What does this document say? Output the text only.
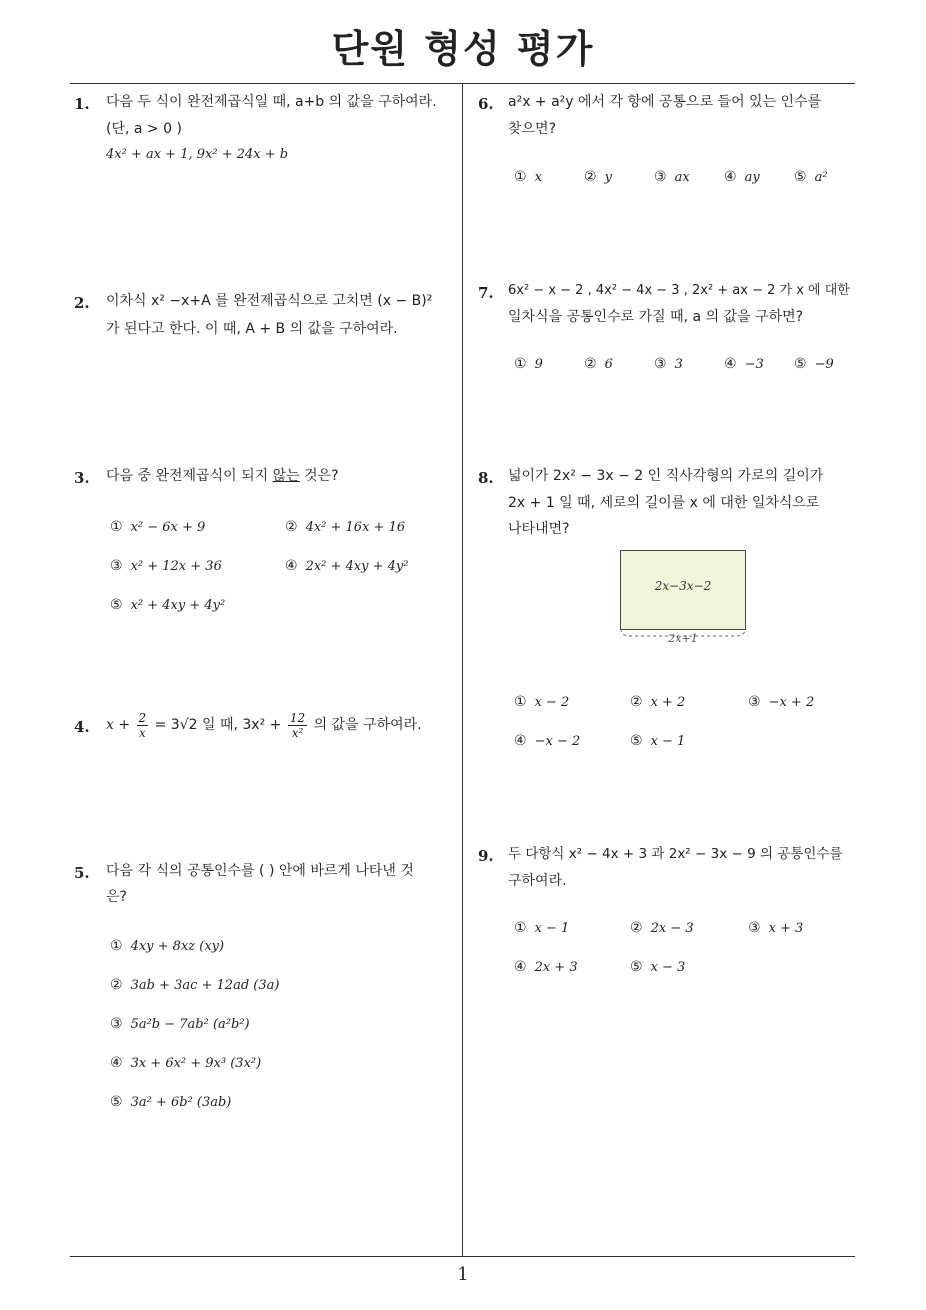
단원 형성 평가
1
1. 다음 두 식이 완전제곱식일 때, a+b 의 값을 구하여라.
(단, a > 0 )
4x² + ax + 1, 9x² + 24x + b
2. 이차식 x² −x+A 를 완전제곱식으로 고치면 (x − B)²
가 된다고 한다. 이 때, A + B 의 값을 구하여라.
3. 다음 중 완전제곱식이 되지 않는 것은?
① x² − 6x + 9	② 4x² + 16x + 16
③ x² + 12x + 36	④ 2x² + 4xy + 4y²
⑤ x² + 4xy + 4y²
4. $x + \frac{2}{x} = 3√2$ 일 때, $3x^2 + \frac{12}{\text{x²}}$ 의 값을 구하여라.
5. 다음 각 식의 공통인수를 ( ) 안에 바르게 나타낸 것
은?
① 4xy + 8xz (xy)
② 3ab + 3ac + 12ad (3a)
③ 5a²b − 7ab² (a²b²)
④ 3x + 6x² + 9x³ (3x²)
⑤ 3a² + 6b² (3ab)
6. a²x + a²y 에서 각 항에 공통으로 들어 있는 인수를
찾으면?
① x	② y	③ ax ④ ay ⑤ a²
7. 6x² − x − 2 , 4x² − 4x − 3 , 2x² + ax − 2 가 x 에 대한
일차식을 공통인수로 가질 때, a 의 값을 구하면?
① 9	② 6	③ 3	④ −3 ⑤ −9
8. 넓이가 2x² − 3x − 2 인 직사각형의 가로의 길이가
2x + 1 일 때, 세로의 길이를 x 에 대한 일차식으로
나타내면?
2x−3x−2
2x+1
① x − 2	② x + 2	③ −x + 2
④ −x − 2	⑤ x − 1
9. 두 다항식 x² − 4x + 3 과 2x² − 3x − 9 의 공통인수를
구하여라.
① x − 1	② 2x − 3	③ x + 3
④ 2x + 3	⑤ x − 3
